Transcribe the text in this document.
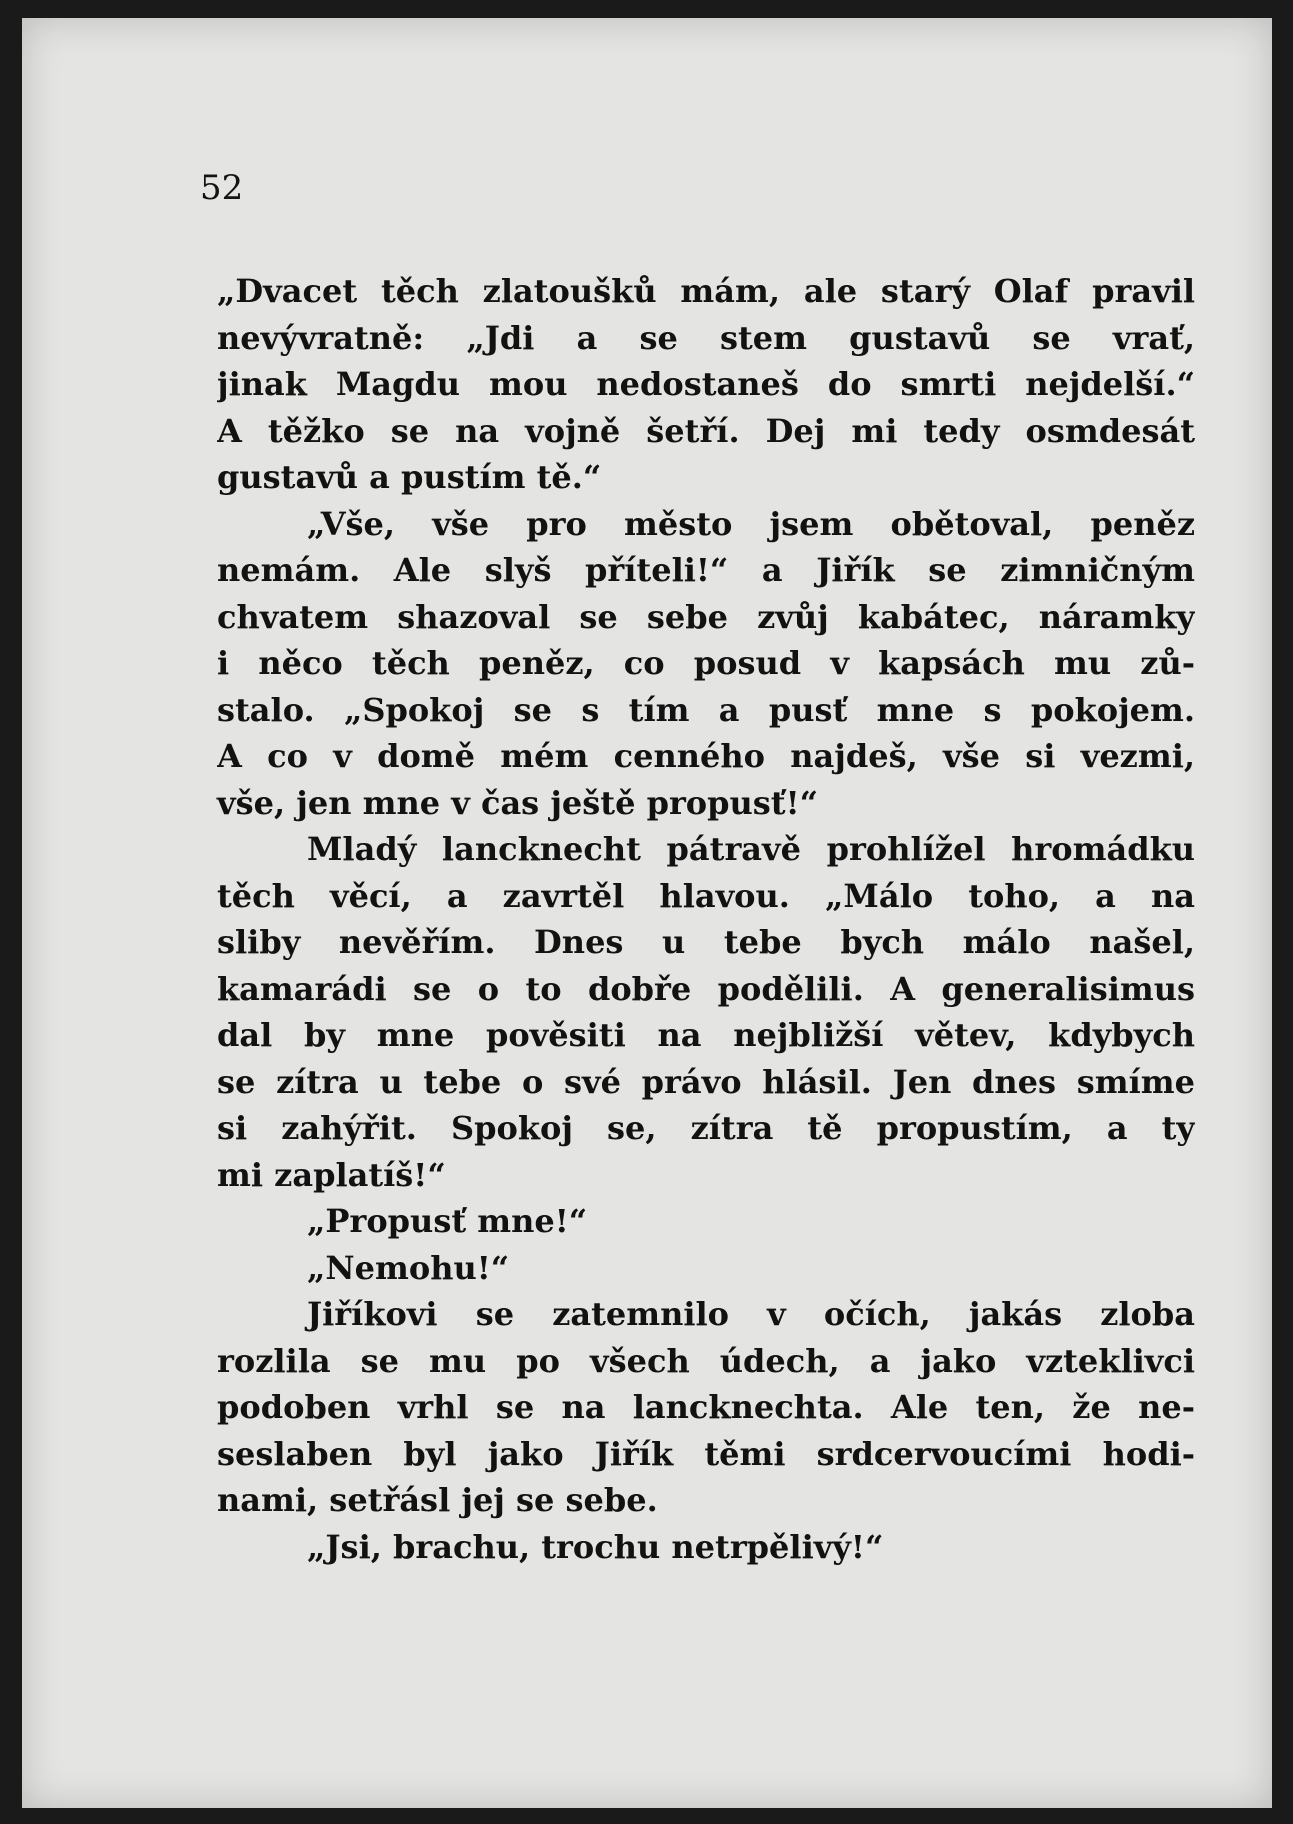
52
„Dvacet těch zlatoušků mám, ale starý Olaf pravil
nevývratně: „Jdi a se stem gustavů se vrať,
jinak Magdu mou nedostaneš do smrti nejdelší.“
A těžko se na vojně šetří. Dej mi tedy osmdesát
gustavů a pustím tě.“
„Vše, vše pro město jsem obětoval, peněz
nemám. Ale slyš příteli!“ a Jiřík se zimničným
chvatem shazoval se sebe zvůj kabátec, náramky
i něco těch peněz, co posud v kapsách mu zů-
stalo. „Spokoj se s tím a pusť mne s pokojem.
A co v domě mém cenného najdeš, vše si vezmi,
vše, jen mne v čas ještě propusť!“
Mladý lancknecht pátravě prohlížel hromádku
těch věcí, a zavrtěl hlavou. „Málo toho, a na
sliby nevěřím. Dnes u tebe bych málo našel,
kamarádi se o to dobře podělili. A generalisimus
dal by mne pověsiti na nejbližší větev, kdybych
se zítra u tebe o své právo hlásil. Jen dnes smíme
si zahýřit. Spokoj se, zítra tě propustím, a ty
mi zaplatíš!“
„Propusť mne!“
„Nemohu!“
Jiříkovi se zatemnilo v očích, jakás zloba
rozlila se mu po všech údech, a jako vzteklivci
podoben vrhl se na lancknechta. Ale ten, že ne-
seslaben byl jako Jiřík těmi srdcervoucími hodi-
nami, setřásl jej se sebe.
„Jsi, brachu, trochu netrpělivý!“
